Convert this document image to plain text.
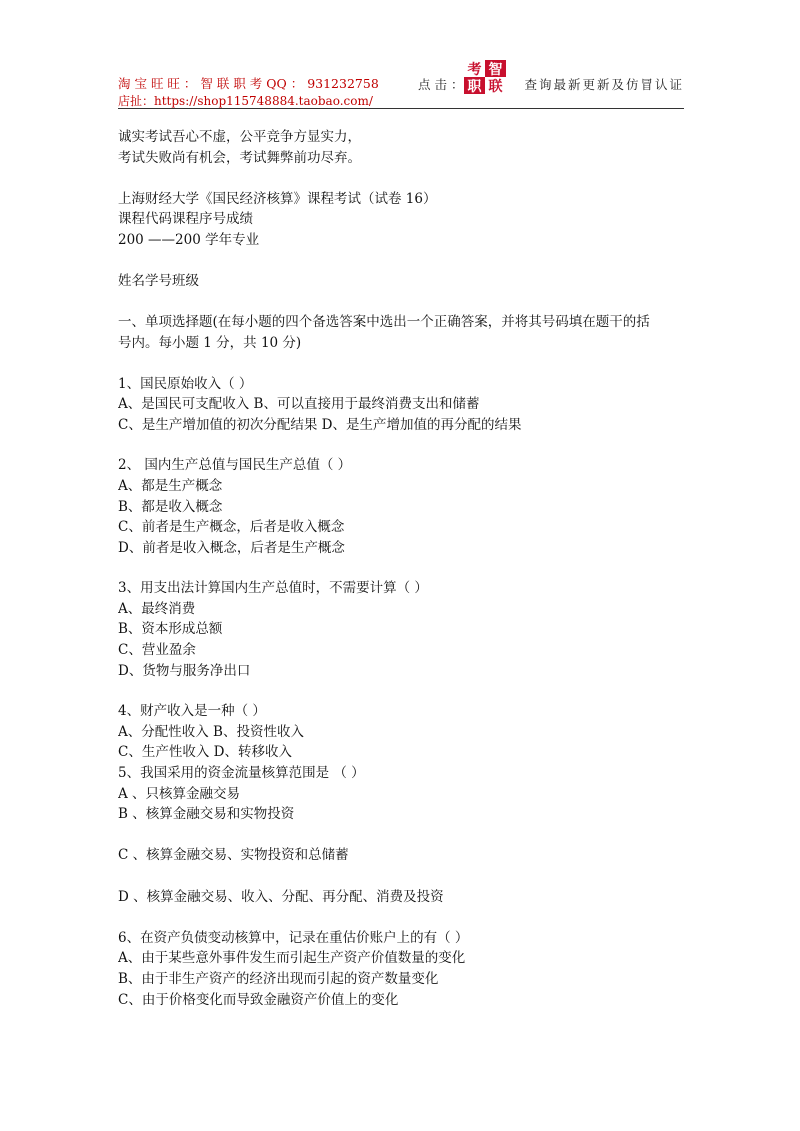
淘 宝 旺 旺 ： 智 联 职 考 QQ ： 931232758
店扯：https://shop115748884.taobao.com/
点 击 ：
考 智
职 联 查询最新更新及仿冒认证
诚实考试吾心不虚，公平竞争方显实力，
考试失败尚有机会，考试舞弊前功尽弃。
上海财经大学《国民经济核算》课程考试（试卷 16）
课程代码课程序号成绩
200 ——200 学年专业
姓名学号班级
一、单项选择题(在每小题的四个备选答案中选出一个正确答案，并将其号码填在题干的括
号内。每小题 1 分，共 10 分)
1、国民原始收入（ ）
A、是国民可支配收入 B、可以直接用于最终消费支出和储蓄
C、是生产增加值的初次分配结果 D、是生产增加值的再分配的结果
2、 国内生产总值与国民生产总值（ ）
A、都是生产概念
B、都是收入概念
C、前者是生产概念，后者是收入概念
D、前者是收入概念，后者是生产概念
3、用支出法计算国内生产总值时，不需要计算（ ）
A、最终消费
B、资本形成总额
C、营业盈余
D、货物与服务净出口
4、财产收入是一种（ ）
A、分配性收入 B、投资性收入
C、生产性收入 D、转移收入
5、我国采用的资金流量核算范围是 （ ）
A 、只核算金融交易
B 、核算金融交易和实物投资
C 、核算金融交易、实物投资和总储蓄
D 、核算金融交易、收入、分配、再分配、消费及投资
6、在资产负债变动核算中，记录在重估价账户上的有（ ）
A、由于某些意外事件发生而引起生产资产价值数量的变化
B、由于非生产资产的经济出现而引起的资产数量变化
C、由于价格变化而导致金融资产价值上的变化
